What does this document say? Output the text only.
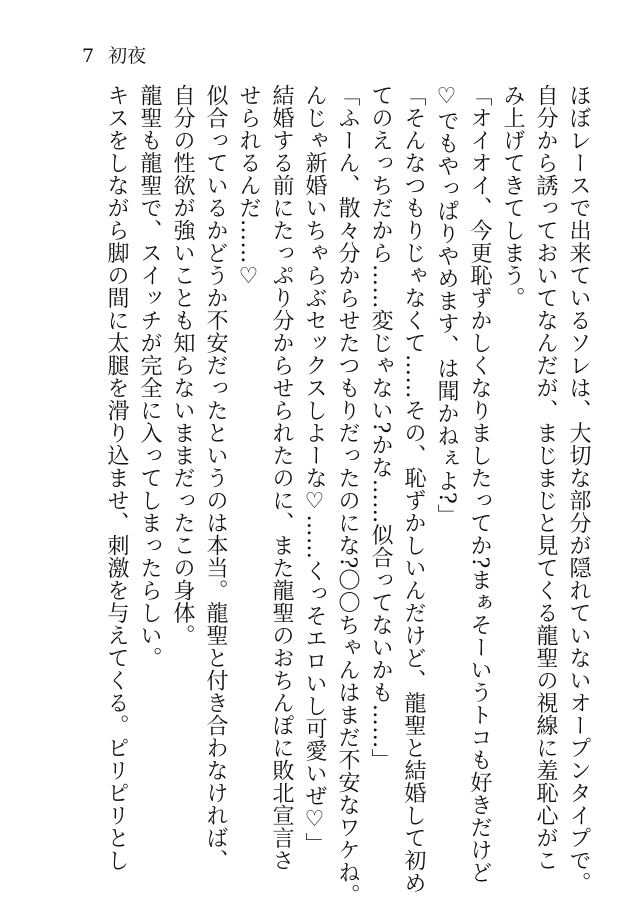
7 初夜
ほぼレースで出来ているソレは、大切な部分が隠れていないオープンタイプで。
自分から誘っておいてなんだが、まじまじと見てくる龍聖の視線に羞恥心がこ
み上げてきてしまう。
「オイオイ、今更恥ずかしくなりましたってか?まぁそーいうトコも好きだけど
♡でもやっぱりやめます、は聞かねぇよ?」
「そんなつもりじゃなくて……その、恥ずかしいんだけど、龍聖と結婚して初め
てのえっちだから……変じゃない?かな……似合ってないかも……」
「ふーん、散々分からせたつもりだったのにな?〇〇ちゃんはまだ不安なワケね。
んじゃ新婚いちゃらぶセックスしよーな♡……くっそエロいし可愛いぜ♡」
結婚する前にたっぷり分からせられたのに、また龍聖のおちんぽに敗北宣言さ
せられるんだ……♡
似合っているかどうか不安だったというのは本当。龍聖と付き合わなければ、
自分の性欲が強いことも知らないままだったこの身体。
龍聖も龍聖で、スイッチが完全に入ってしまったらしい。
キスをしながら脚の間に太腿を滑り込ませ、刺激を与えてくる。ピリピリとし
